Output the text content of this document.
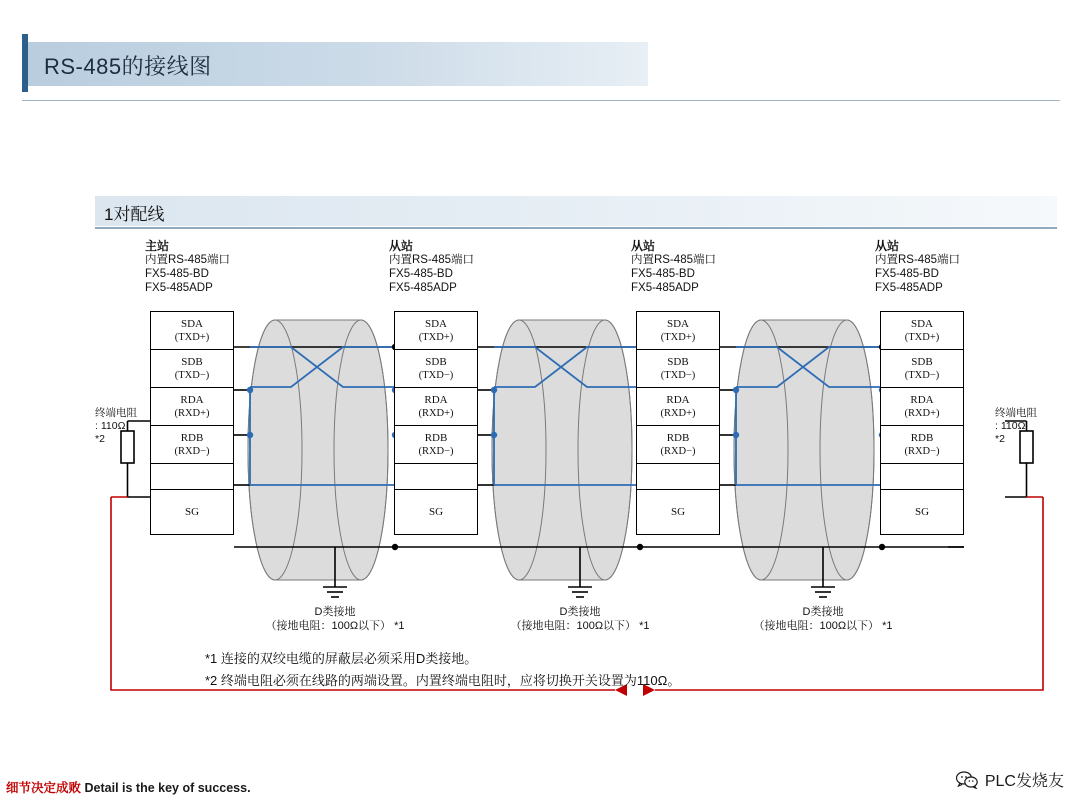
RS-485的接线图
1对配线
主站
内置RS-485端口
FX5-485-BD
FX5-485ADP
从站
内置RS-485端口
FX5-485-BD
FX5-485ADP
从站
内置RS-485端口
FX5-485-BD
FX5-485ADP
从站
内置RS-485端口
FX5-485-BD
FX5-485ADP
SDA
(TXD+)
SDB
(TXD−)
RDA
(RXD+)
RDB
(RXD−)
SG
SDA
(TXD+)
SDB
(TXD−)
RDA
(RXD+)
RDB
(RXD−)
SG
SDA
(TXD+)
SDB
(TXD−)
RDA
(RXD+)
RDB
(RXD−)
SG
SDA
(TXD+)
SDB
(TXD−)
RDA
(RXD+)
RDB
(RXD−)
SG
终端电阻
: 110Ω
*2
终端电阻
: 110Ω
*2
D类接地
（接地电阻：100Ω以下） *1
D类接地
（接地电阻：100Ω以下） *1
D类接地
（接地电阻：100Ω以下） *1
*1 连接的双绞电缆的屏蔽层必须采用D类接地。
*2 终端电阻必须在线路的两端设置。内置终端电阻时，应将切换开关设置为110Ω。
细节决定成败 Detail is the key of success.	PLC发烧友
